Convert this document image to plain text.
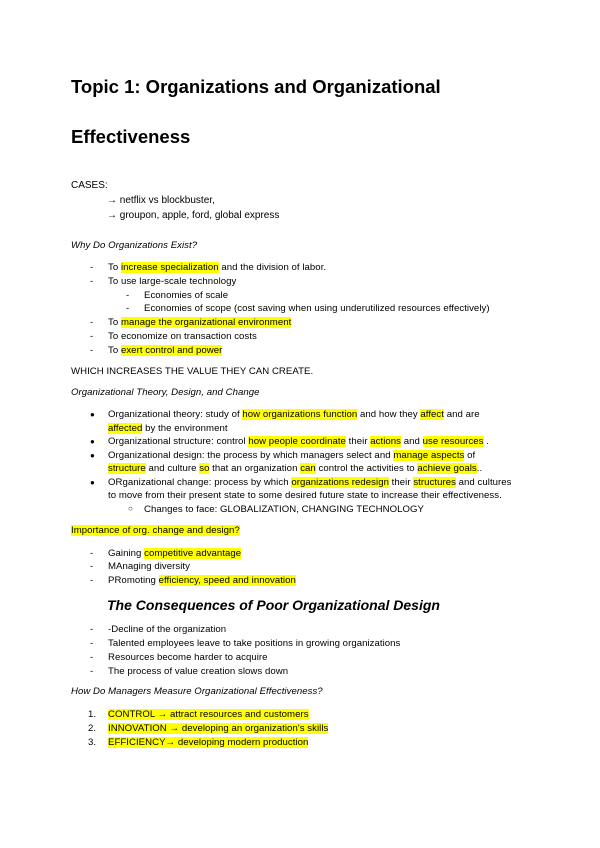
Topic 1: Organizations and Organizational
Effectiveness
CASES:
→ netflix vs blockbuster,
→ groupon, apple, ford, global express
Why Do Organizations Exist?
- To increase specialization and the division of labor.
- To use large-scale technology
- Economies of scale
- Economies of scope (cost saving when using underutilized resources effectively)
- To manage the organizational environment
- To economize on transaction costs
- To exert control and power
WHICH INCREASES THE VALUE THEY CAN CREATE.
Organizational Theory, Design, and Change
● Organizational theory: study of how organizations function and how they affect and are
affected by the environment
● Organizational structure: control how people coordinate their actions and use resources .
● Organizational design: the process by which managers select and manage aspects of
structure and culture so that an organization can control the activities to achieve goals..
● ORganizational change: process by which organizations redesign their structures and cultures
to move from their present state to some desired future state to increase their effectiveness.
○ Changes to face: GLOBALIZATION, CHANGING TECHNOLOGY
Importance of org. change and design?
- Gaining competitive advantage
- MAnaging diversity
- PRomoting efficiency, speed and innovation
The Consequences of Poor Organizational Design
- -Decline of the organization
- Talented employees leave to take positions in growing organizations
- Resources become harder to acquire
- The process of value creation slows down
How Do Managers Measure Organizational Effectiveness?
1. CONTROL → attract resources and customers
2. INNOVATION → developing an organization's skills
3. EFFICIENCY→ developing modern production
